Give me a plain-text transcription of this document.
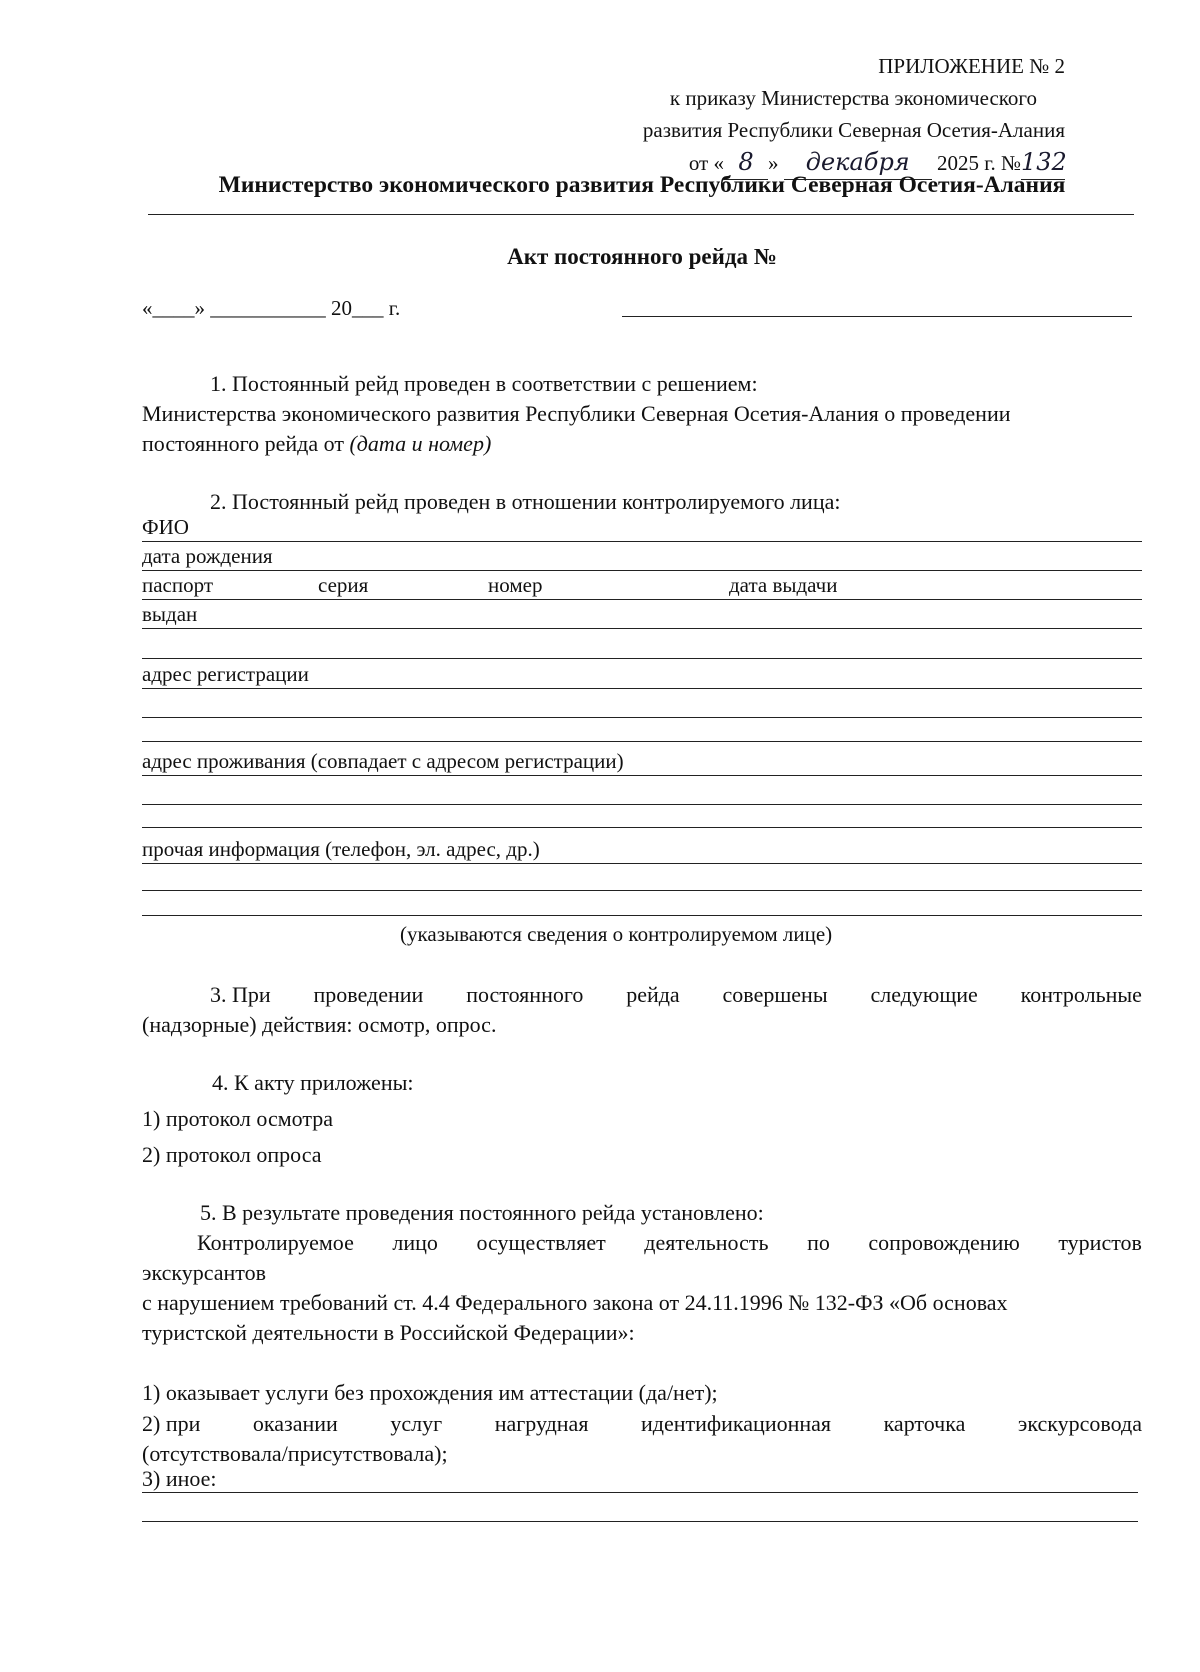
ПРИЛОЖЕНИЕ № 2
к приказу Министерства экономического
развития Республики Северная Осетия-Алания
от « 8 » декабря 2025 г. №132
Министерство экономического развития Республики Северная Осетия-Алания
Акт постоянного рейда №
«____» ___________ 20___ г.
1. Постоянный рейд проведен в соответствии с решением:
Министерства экономического развития Республики Северная Осетия-Алания о проведении
постоянного рейда от (дата и номер)
2. Постоянный рейд проведен в отношении контролируемого лица:
ФИО
дата рождения
паспорт	серия	номер	дата выдачи
выдан
адрес регистрации
адрес проживания (совпадает с адресом регистрации)
прочая информация (телефон, эл. адрес, др.)
(указываются сведения о контролируемом лице)
3. При проведении постоянного рейда совершены следующие контрольные
(надзорные) действия: осмотр, опрос.
4. К акту приложены:
1) протокол осмотра
2) протокол опроса
5. В результате проведения постоянного рейда установлено:
Контролируемое лицо осуществляет деятельность по сопровождению туристов
экскурсантов
с нарушением требований ст. 4.4 Федерального закона от 24.11.1996 № 132-ФЗ «Об основах
туристской деятельности в Российской Федерации»:
1) оказывает услуги без прохождения им аттестации (да/нет);
2) при оказании услуг нагрудная идентификационная карточка экскурсовода
(отсутствовала/присутствовала);
3) иное:
